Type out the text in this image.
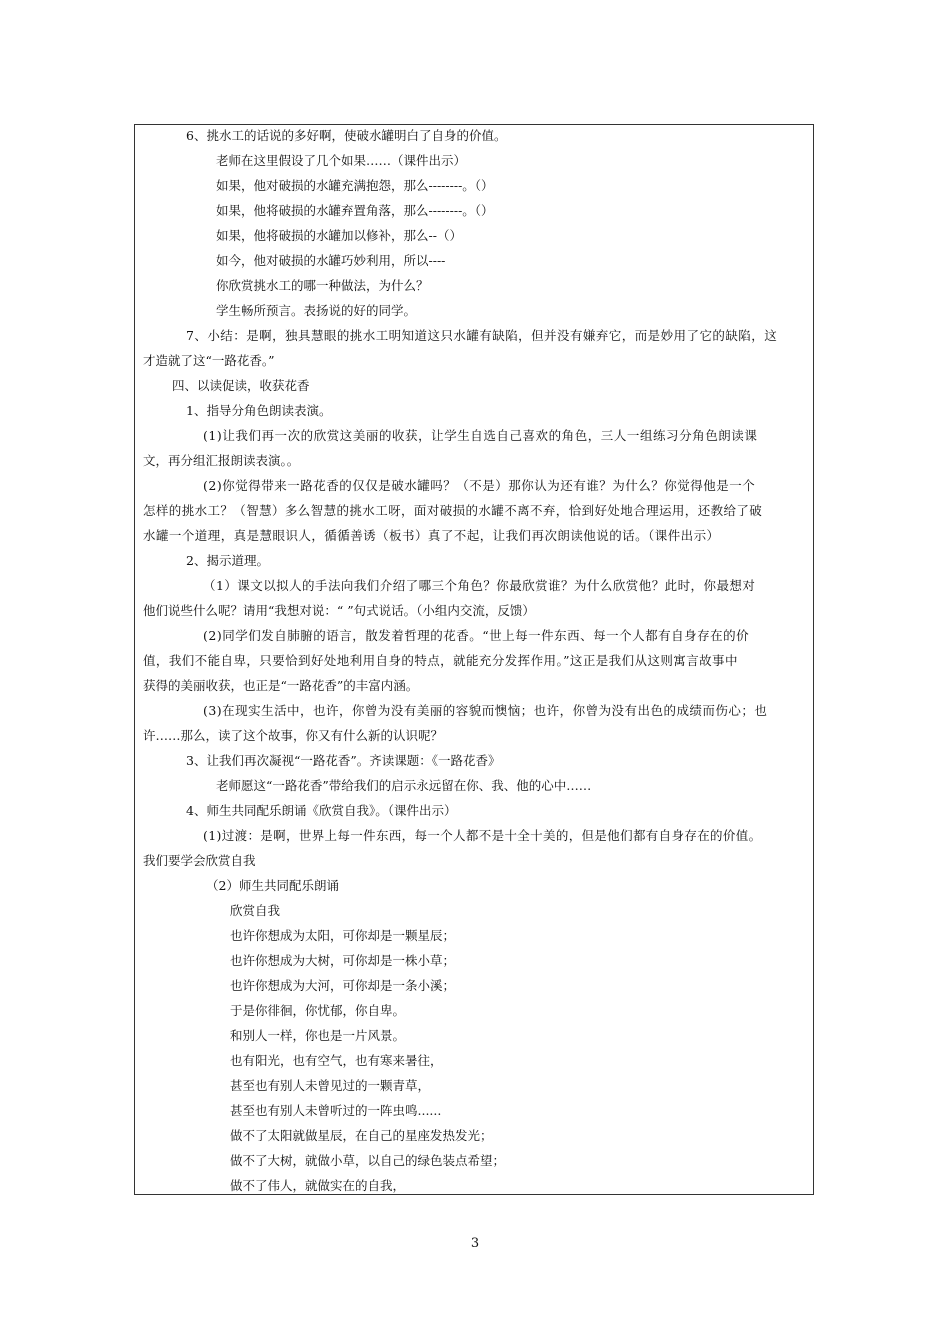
6、挑水工的话说的多好啊，使破水罐明白了自身的价值。
老师在这里假设了几个如果……（课件出示）
如果，他对破损的水罐充满抱怨，那么--------。（）
如果，他将破损的水罐弃置角落，那么--------。（）
如果，他将破损的水罐加以修补，那么--（）
如今，他对破损的水罐巧妙利用，所以----
你欣赏挑水工的哪一种做法，为什么？
学生畅所预言。表扬说的好的同学。
7、小结：是啊，独具慧眼的挑水工明知道这只水罐有缺陷，但并没有嫌弃它，而是妙用了它的缺陷，这
才造就了这“一路花香。”
四、以读促读，收获花香
1、指导分角色朗读表演。
(1)让我们再一次的欣赏这美丽的收获，让学生自选自己喜欢的角色，三人一组练习分角色朗读课
文，再分组汇报朗读表演。。
(2)你觉得带来一路花香的仅仅是破水罐吗？（不是）那你认为还有谁？为什么？你觉得他是一个
怎样的挑水工？（智慧）多么智慧的挑水工呀，面对破损的水罐不离不弃，恰到好处地合理运用，还教给了破
水罐一个道理，真是慧眼识人，循循善诱（板书）真了不起，让我们再次朗读他说的话。（课件出示）
2、揭示道理。
（1）课文以拟人的手法向我们介绍了哪三个角色？你最欣赏谁？为什么欣赏他？此时，你最想对
他们说些什么呢？请用“我想对说：“ ”句式说话。（小组内交流，反馈）
(2)同学们发自肺腑的语言，散发着哲理的花香。“世上每一件东西、每一个人都有自身存在的价
值，我们不能自卑，只要恰到好处地利用自身的特点，就能充分发挥作用。”这正是我们从这则寓言故事中
获得的美丽收获，也正是“一路花香”的丰富内涵。
(3)在现实生活中，也许，你曾为没有美丽的容貌而懊恼；也许，你曾为没有出色的成绩而伤心；也
许……那么，读了这个故事，你又有什么新的认识呢？
3、让我们再次凝视“一路花香”。齐读课题：《一路花香》
老师愿这“一路花香”带给我们的启示永远留在你、我、他的心中……
4、师生共同配乐朗诵《欣赏自我》。（课件出示）
(1)过渡：是啊，世界上每一件东西，每一个人都不是十全十美的，但是他们都有自身存在的价值。
我们要学会欣赏自我
（2）师生共同配乐朗诵
欣赏自我
也许你想成为太阳，可你却是一颗星辰；
也许你想成为大树，可你却是一株小草；
也许你想成为大河，可你却是一条小溪；
于是你徘徊，你忧郁，你自卑。
和别人一样，你也是一片风景。
也有阳光，也有空气，也有寒来暑往，
甚至也有别人未曾见过的一颗青草，
甚至也有别人未曾听过的一阵虫鸣......
做不了太阳就做星辰，在自己的星座发热发光；
做不了大树，就做小草，以自己的绿色装点希望；
做不了伟人，就做实在的自我，
3
